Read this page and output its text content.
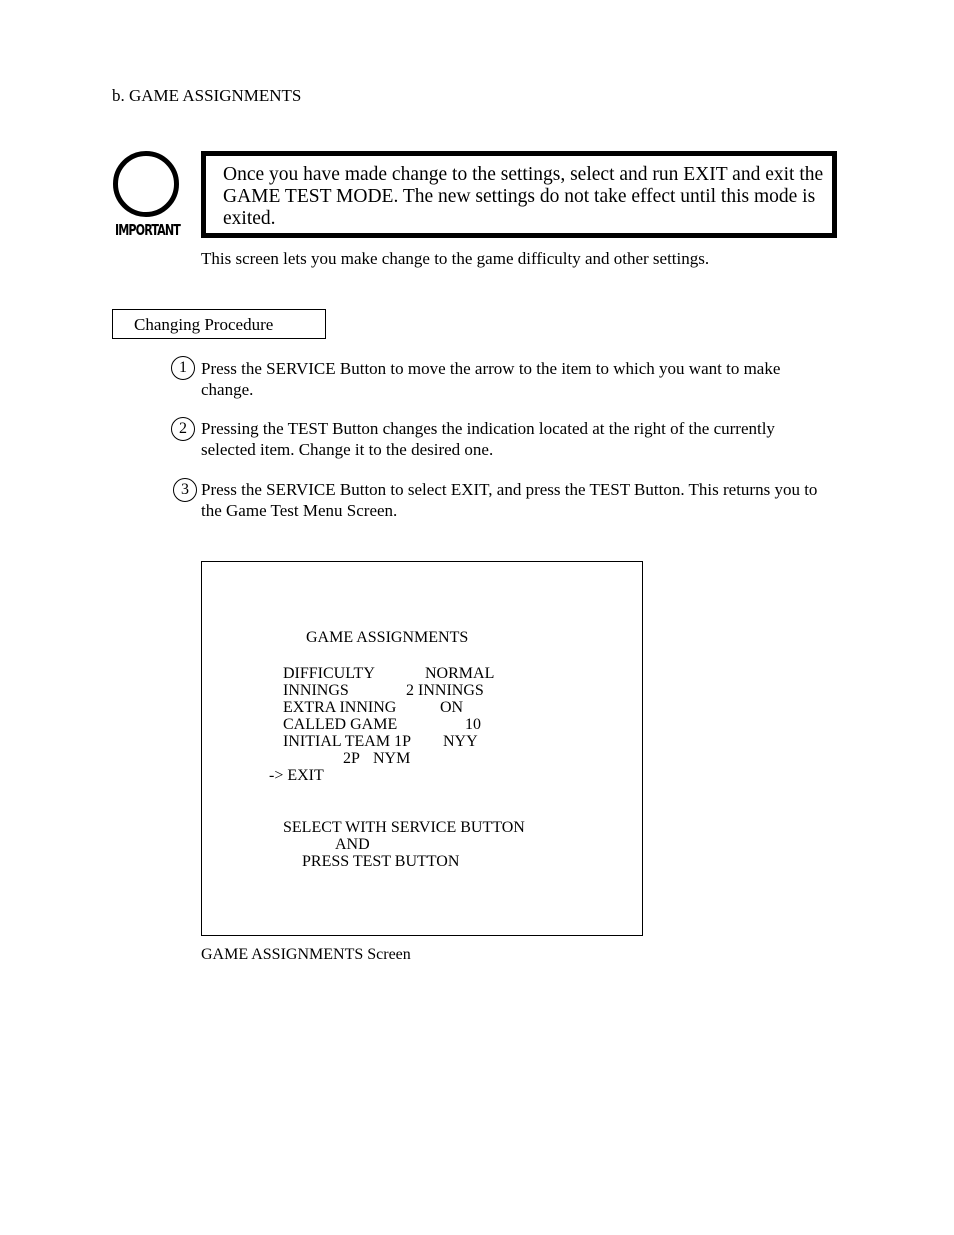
b. GAME ASSIGNMENTS
IMPORTANT
Once you have made change to the settings, select and run EXIT and exit the GAME TEST MODE. The new settings do not take effect until this mode is exited.
This screen lets you make change to the game difficulty and other settings.
Changing Procedure
1 Press the SERVICE Button to move the arrow to the item to which you want to make change.
2 Pressing the TEST Button changes the indication located at the right of the currently selected item. Change it to the desired one.
3 Press the SERVICE Button to select EXIT, and press the TEST Button. This returns you to the Game Test Menu Screen.
GAME ASSIGNMENTS
DIFFICULTY	NORMAL
INNINGS	2 INNINGS
EXTRA INNING	ON
CALLED GAME	10
INITIAL TEAM 1P NYY
2P NYM
-> EXIT
SELECT WITH SERVICE BUTTON
AND
PRESS TEST BUTTON
GAME ASSIGNMENTS Screen
